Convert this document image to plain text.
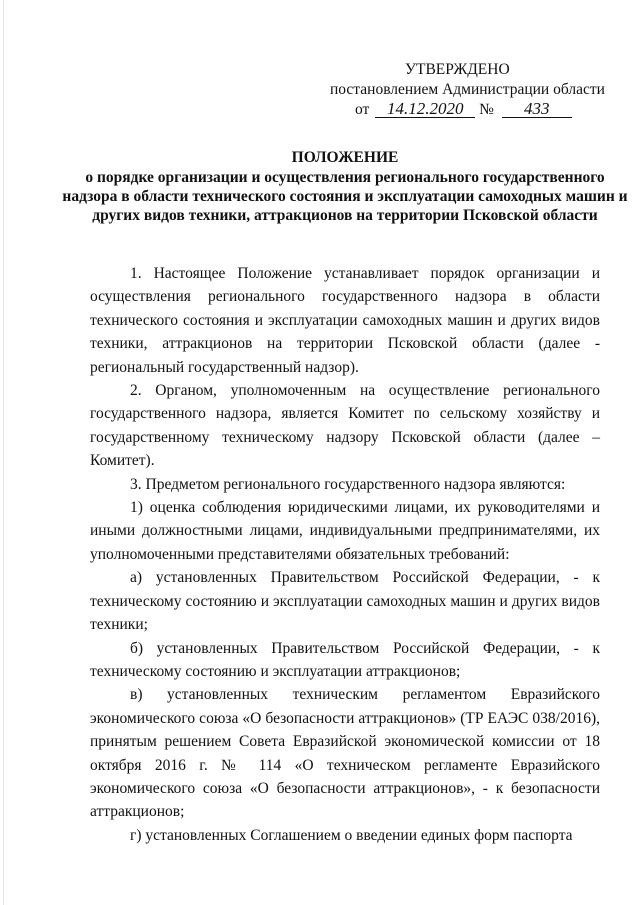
УТВЕРЖДЕНО
постановлением Администрации области
от 14.12.2020 № 433
ПОЛОЖЕНИЕ
о порядке организации и осуществления регионального государственного надзора в области технического состояния и эксплуатации самоходных машин и других видов техники, аттракционов на территории Псковской области

1. Настоящее Положение устанавливает порядок организации и осуществления регионального государственного надзора в области технического состояния и эксплуатации самоходных машин и других видов техники, аттракционов на территории Псковской области (далее - региональный государственный надзор).

2. Органом, уполномоченным на осуществление регионального государственного надзора, является Комитет по сельскому хозяйству и государственному техническому надзору Псковской области (далее – Комитет).

3. Предметом регионального государственного надзора являются:

1) оценка соблюдения юридическими лицами, их руководителями и иными должностными лицами, индивидуальными предпринимателями, их уполномоченными представителями обязательных требований:

а) установленных Правительством Российской Федерации, - к техническому состоянию и эксплуатации самоходных машин и других видов техники;

б) установленных Правительством Российской Федерации, - к техническому состоянию и эксплуатации аттракционов;

в) установленных техническим регламентом Евразийского экономического союза «О безопасности аттракционов» (ТР ЕАЭС 038/2016), принятым решением Совета Евразийской экономической комиссии от 18 октября 2016 г. № 114 «О техническом регламенте Евразийского экономического союза «О безопасности аттракционов», - к безопасности аттракционов;

г) установленных Соглашением о введении единых форм паспорта
